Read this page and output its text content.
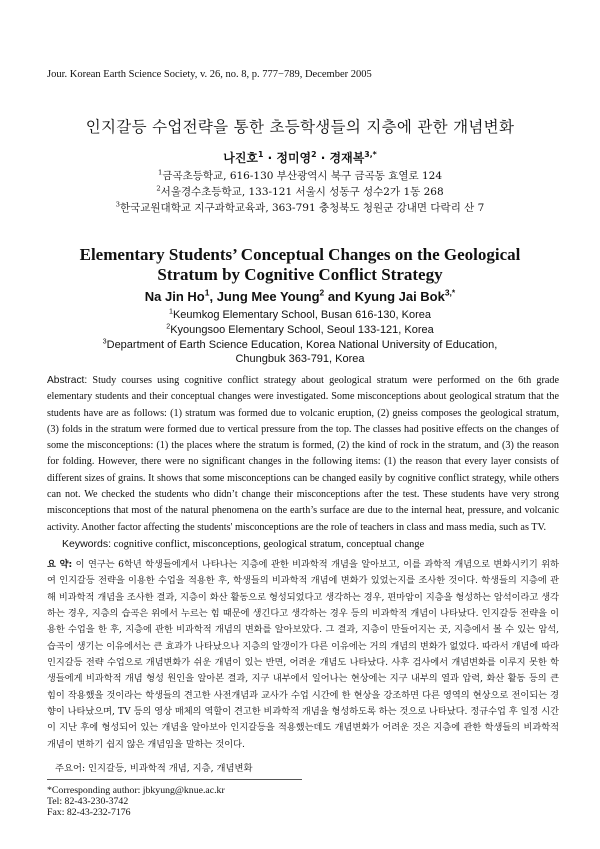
Jour. Korean Earth Science Society, v. 26, no. 8, p. 777−789, December 2005
인지갈등 수업전략을 통한 초등학생들의 지층에 관한 개념변화
나진호$^1$ · 정미영$^2$ · 경재복$^{3,*}$
$^1$금곡초등학교, 616-130 부산광역시 북구 금곡동 효열로 124
$^2$서울경수초등학교, 133-121 서울시 성동구 성수2가 1동 268
$^3$한국교원대학교 지구과학교육과, 363-791 충청북도 청원군 강내면 다락리 산 7
Elementary Students’ Conceptual Changes on the Geological
Stratum by Cognitive Conflict Strategy
Na Jin Ho$^1$, Jung Mee Young$^2$ and Kyung Jai Bok$^{3,*}$
$^1$Keumkog Elementary School, Busan 616-130, Korea
$^2$Kyoungsoo Elementary School, Seoul 133-121, Korea
$^3$Department of Earth Science Education, Korea National University of Education,
Chungbuk 363-791, Korea
Abstract: Study courses using cognitive conflict strategy about geological stratum were performed on the 6th grade elementary students and their conceptual changes were investigated. Some misconceptions about geological stratum that the students have are as follows: (1) stratum was formed due to volcanic eruption, (2) gneiss composes the geological stratum, (3) folds in the stratum were formed due to vertical pressure from the top. The classes had positive effects on the changes of some the misconceptions: (1) the places where the stratum is formed, (2) the kind of rock in the stratum, and (3) the reason for folding. However, there were no significant changes in the following items: (1) the reason that every layer consists of different sizes of grains. It shows that some misconceptions can be changed easily by cognitive conflict strategy, while others can not. We checked the students who didn’t change their misconceptions after the test. These students have very strong misconceptions that most of the natural phenomena on the earth’s surface are due to the internal heat, pressure, and volcanic activity. Another factor affecting the students' misconceptions are the role of teachers in class and mass media, such as TV.
Keywords: cognitive conflict, misconceptions, geological stratum, conceptual change
요 약: 이 연구는 6학년 학생들에게서 나타나는 지층에 관한 비과학적 개념을 알아보고, 이를 과학적 개념으로 변화시키기 위하여 인지갈등 전략을 이용한 수업을 적용한 후, 학생들의 비과학적 개념에 변화가 있었는지를 조사한 것이다. 학생들의 지층에 관해 비과학적 개념을 조사한 결과, 지층이 화산 활동으로 형성되었다고 생각하는 경우, 편마암이 지층을 형성하는 암석이라고 생각하는 경우, 지층의 습곡은 위에서 누르는 힘 때문에 생긴다고 생각하는 경우 등의 비과학적 개념이 나타났다. 인지갈등 전략을 이용한 수업을 한 후, 지층에 관한 비과학적 개념의 변화를 알아보았다. 그 결과, 지층이 만들어지는 곳, 지층에서 볼 수 있는 암석, 습곡이 생기는 이유에서는 큰 효과가 나타났으나 지층의 알갱이가 다른 이유에는 거의 개념의 변화가 없었다. 따라서 개념에 따라 인지갈등 전략 수업으로 개념변화가 쉬운 개념이 있는 반면, 어려운 개념도 나타났다. 사후 검사에서 개념변화를 이루지 못한 학생들에게 비과학적 개념 형성 원인을 알아본 결과, 지구 내부에서 일어나는 현상에는 지구 내부의 열과 압력, 화산 활동 등의 큰 힘이 작용했을 것이라는 학생들의 견고한 사전개념과 교사가 수업 시간에 한 현상을 강조하면 다른 영역의 현상으로 전이되는 경향이 나타났으며, TV 등의 영상 매체의 역할이 견고한 비과학적 개념을 형성하도록 하는 것으로 나타났다. 정규수업 후 일정 시간이 지난 후에 형성되어 있는 개념을 알아보아 인지갈등을 적용했는데도 개념변화가 어려운 것은 지층에 관한 학생들의 비과학적 개념이 변하기 쉽지 않은 개념임을 말하는 것이다.
주요어: 인지갈등, 비과학적 개념, 지층, 개념변화
*Corresponding author: jbkyung@knue.ac.kr
Tel: 82-43-230-3742
Fax: 82-43-232-7176
